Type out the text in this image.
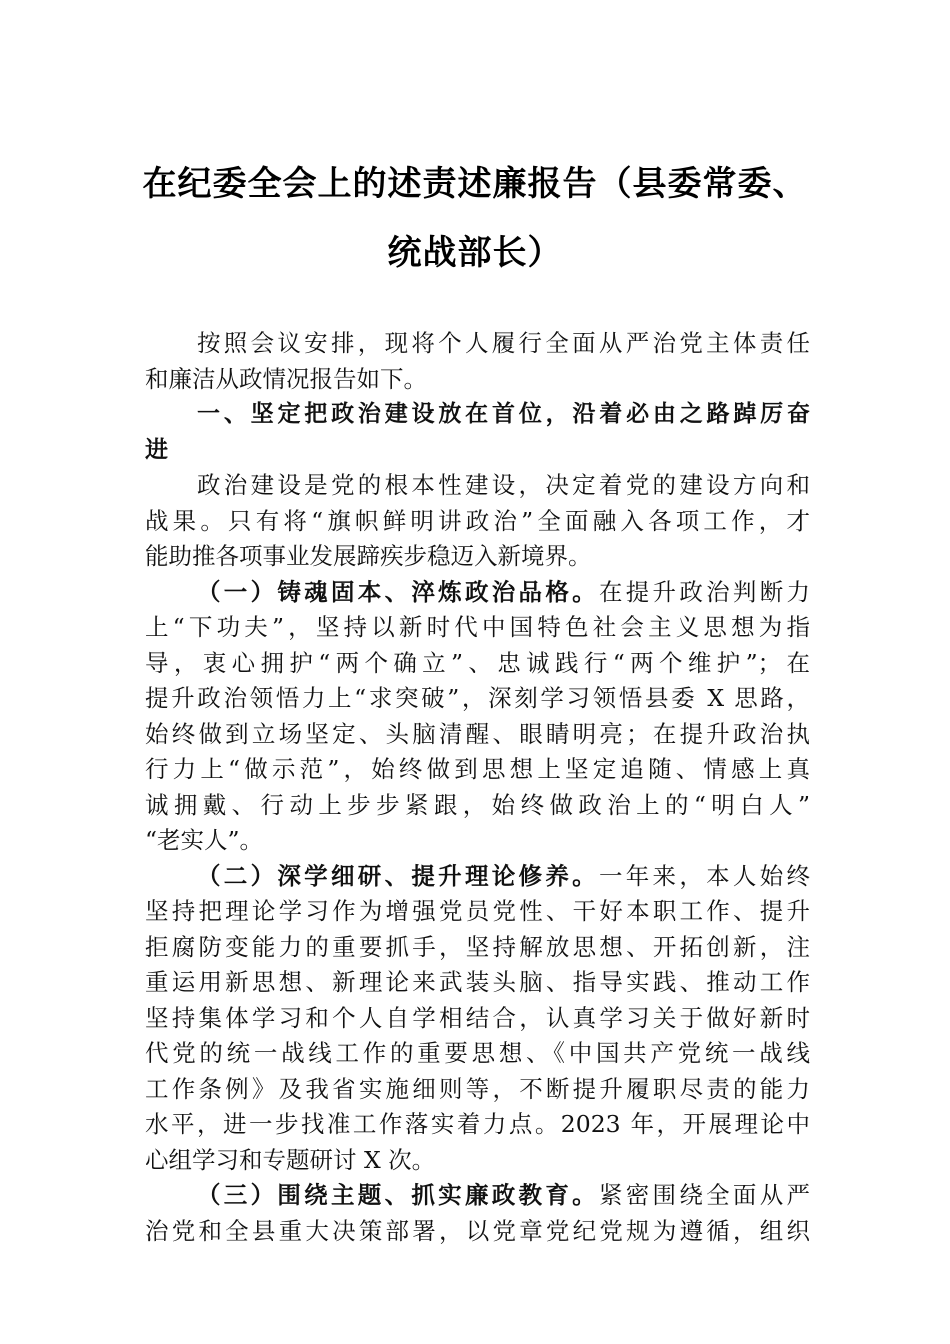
在纪委全会上的述责述廉报告（县委常委、
统战部长）
按照会议安排，现将个人履行全面从严治党主体责任
和廉洁从政情况报告如下。
一、坚定把政治建设放在首位，沿着必由之路踔厉奋
进
政治建设是党的根本性建设，决定着党的建设方向和
战果。只有将“旗帜鲜明讲政治”全面融入各项工作，才
能助推各项事业发展蹄疾步稳迈入新境界。
（一）铸魂固本、淬炼政治品格。在提升政治判断力
上“下功夫”，坚持以新时代中国特色社会主义思想为指
导，衷心拥护“两个确立”、忠诚践行“两个维护”；在
提升政治领悟力上“求突破”，深刻学习领悟县委 X 思路，
始终做到立场坚定、头脑清醒、眼睛明亮；在提升政治执
行力上“做示范”，始终做到思想上坚定追随、情感上真
诚拥戴、行动上步步紧跟，始终做政治上的“明白人”
“老实人”。
（二）深学细研、提升理论修养。一年来，本人始终
坚持把理论学习作为增强党员党性、干好本职工作、提升
拒腐防变能力的重要抓手，坚持解放思想、开拓创新，注
重运用新思想、新理论来武装头脑、指导实践、推动工作
坚持集体学习和个人自学相结合，认真学习关于做好新时
代党的统一战线工作的重要思想、《中国共产党统一战线
工作条例》及我省实施细则等，不断提升履职尽责的能力
水平，进一步找准工作落实着力点。2023 年，开展理论中
心组学习和专题研讨 X 次。
（三）围绕主题、抓实廉政教育。紧密围绕全面从严
治党和全县重大决策部署，以党章党纪党规为遵循，组织
